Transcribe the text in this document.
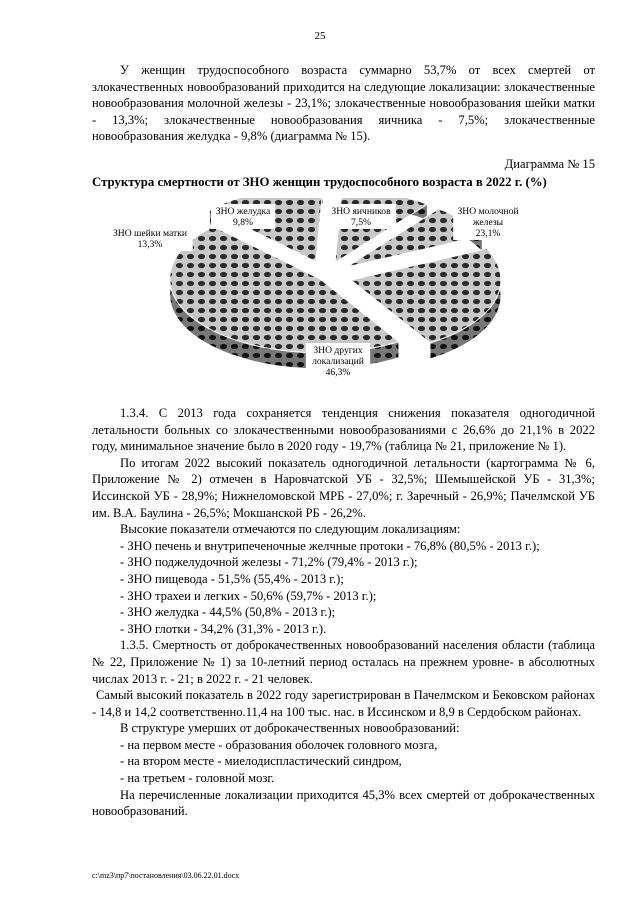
25

У женщин трудоспособного возраста суммарно 53,7% от всех смертей от злокачественных новообразований приходится на следующие локализации: злокачественные новообразования молочной железы - 23,1%; злокачественные новообразования шейки матки - 13,3%; злокачественные новообразования яичника - 7,5%; злокачественные новообразования желудка - 9,8% (диаграмма № 15).

Диаграмма № 15
Структура смертности от ЗНО женщин трудоспособного возраста в 2022 г. (%)
ЗНО молочной железы 23,1%
ЗНО других локализаций 46,3%
ЗНО шейки матки 13,3%
ЗНО желудка 9,8%
ЗНО яичников 7,5%

1.3.4. С 2013 года сохраняется тенденция снижения показателя одногодичной летальности больных со злокачественными новообразованиями с 26,6% до 21,1% в 2022 году, минимальное значение было в 2020 году - 19,7% (таблица № 21, приложение № 1).

По итогам 2022 высокий показатель одногодичной летальности (картограмма № 6, Приложение № 2) отмечен в Наровчатской УБ - 32,5%; Шемышейской УБ - 31,3%; Иссинской УБ - 28,9%; Нижнеломовской МРБ - 27,0%; г. Заречный - 26,9%; Пачелмской УБ им. В.А. Баулина - 26,5%; Мокшанской РБ - 26,2%.

Высокие показатели отмечаются по следующим локализациям:

- ЗНО печень и внутрипеченочные желчные протоки - 76,8% (80,5% - 2013 г.);

- ЗНО поджелудочной железы - 71,2% (79,4% - 2013 г.);

- ЗНО пищевода - 51,5% (55,4% - 2013 г.);

- ЗНО трахеи и легких - 50,6% (59,7% - 2013 г.);

- ЗНО желудка - 44,5% (50,8% - 2013 г.);

- ЗНО глотки - 34,2% (31,3% - 2013 г.).

1.3.5. Смертность от доброкачественных новообразований населения области (таблица № 22, Приложение № 1) за 10-летний период осталась на прежнем уровне- в абсолютных числах 2013 г. - 21; в 2022 г. - 21 человек.

Самый высокий показатель в 2022 году зарегистрирован в Пачелмском и Бековском районах - 14,8 и 14,2 соответственно.11,4 на 100 тыс. нас. в Иссинском и 8,9 в Сердобском районах.

В структуре умерших от доброкачественных новообразований:

- на первом месте - образования оболочек головного мозга,

- на втором месте - миелодиспластический синдром,

- на третьем - головной мозг.

На перечисленные локализации приходится 45,3% всех смертей от доброкачественных новообразований.

c:\mz3\пр7\постановления\03.06.22.01.docx
